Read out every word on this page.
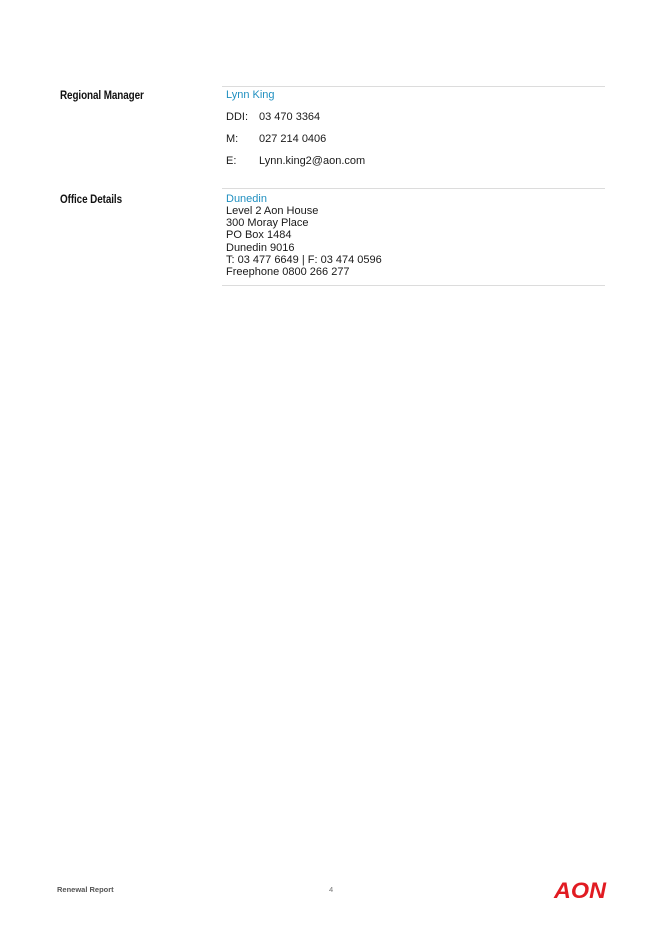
Regional Manager	Lynn King
DDI: 03 470 3364
M: 027 214 0406
E: Lynn.king2@aon.com
Office Details	Dunedin
Level 2 Aon House
300 Moray Place
PO Box 1484
Dunedin 9016
T: 03 477 6649 | F: 03 474 0596
Freephone 0800 266 277
Renewal Report	4	AON
